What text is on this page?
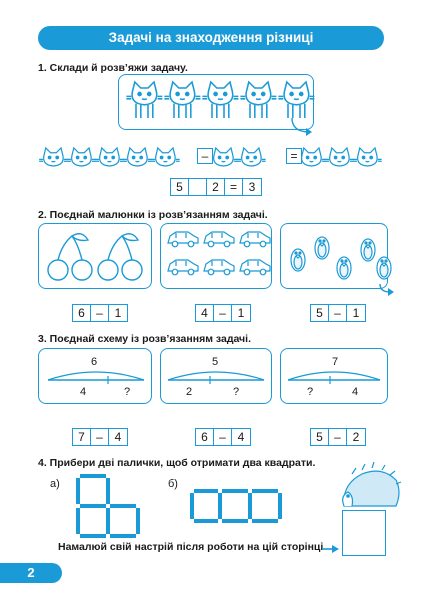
Задачі на знаходження різниці
1. Склади й розв’яжи задачу.
–	=
5	2 = 3
2. Поєднай малюнки із розв’язанням задачі.
6 – 1	4 – 1	5 – 1
3. Поєднай схему із розв’язанням задачі.
6
4	?
5
2	?
7
?	4
7 – 4	6 – 4	5 – 2
4. Прибери дві палички, щоб отримати два квадрати.
а)	б)
Намалюй свій настрій після роботи на цій сторінці
2
